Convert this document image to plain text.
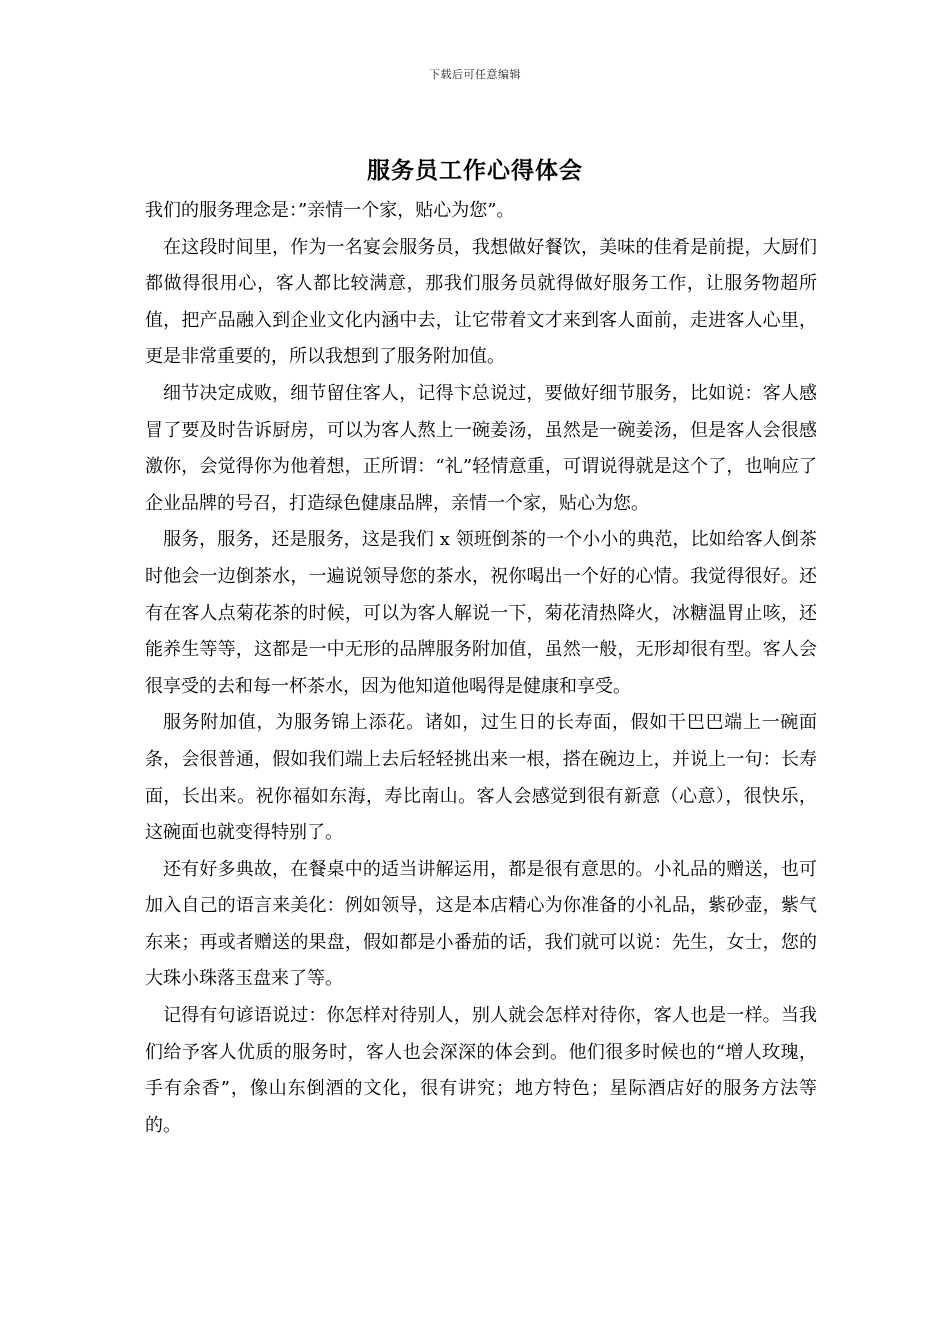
下载后可任意编辑
服务员工作心得体会

我们的服务理念是：”亲情一个家，贴心为您”。

在这段时间里，作为一名宴会服务员，我想做好餐饮，美味的佳肴是前提，大厨们都做得很用心，客人都比较满意，那我们服务员就得做好服务工作，让服务物超所值，把产品融入到企业文化内涵中去，让它带着文才来到客人面前，走进客人心里，更是非常重要的，所以我想到了服务附加值。

细节决定成败，细节留住客人，记得卞总说过，要做好细节服务，比如说：客人感冒了要及时告诉厨房，可以为客人熬上一碗姜汤，虽然是一碗姜汤，但是客人会很感激你，会觉得你为他着想，正所谓：“礼”轻情意重，可谓说得就是这个了，也响应了企业品牌的号召，打造绿色健康品牌，亲情一个家，贴心为您。

服务，服务，还是服务，这是我们 x 领班倒茶的一个小小的典范，比如给客人倒茶时他会一边倒茶水，一遍说领导您的茶水，祝你喝出一个好的心情。我觉得很好。还有在客人点菊花茶的时候，可以为客人解说一下，菊花清热降火，冰糖温胃止咳，还能养生等等，这都是一中无形的品牌服务附加值，虽然一般，无形却很有型。客人会很享受的去和每一杯茶水，因为他知道他喝得是健康和享受。

服务附加值，为服务锦上添花。诸如，过生日的长寿面，假如干巴巴端上一碗面条，会很普通，假如我们端上去后轻轻挑出来一根，搭在碗边上，并说上一句：长寿面，长出来。祝你福如东海，寿比南山。客人会感觉到很有新意（心意），很快乐，这碗面也就变得特别了。

还有好多典故，在餐桌中的适当讲解运用，都是很有意思的。小礼品的赠送，也可加入自己的语言来美化：例如领导，这是本店精心为你准备的小礼品，紫砂壶，紫气东来；再或者赠送的果盘，假如都是小番茄的话，我们就可以说：先生，女士，您的大珠小珠落玉盘来了等。

记得有句谚语说过：你怎样对待别人，别人就会怎样对待你，客人也是一样。当我们给予客人优质的服务时，客人也会深深的体会到。他们很多时候也的“增人玫瑰，手有余香”，像山东倒酒的文化，很有讲究；地方特色；星际酒店好的服务方法等的。
